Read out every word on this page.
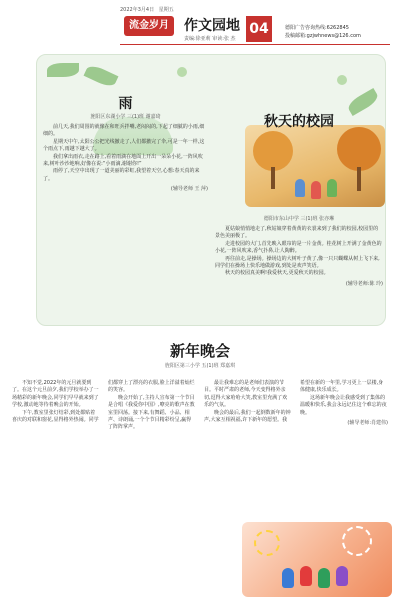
2022年3月4日 星期五
流金岁月	作文园地
责编:徐亚莉 审读:张 杰
04	德阳广告咨询热线:6262845
投稿邮箱:gzjwhnews@126.com
雨
旌阳区东湖小学 三(1)班 谢嘉琦

前几天,我们周围的就像在和旺兵拌嘴,老闷闷的,下起了细腻的小雨,细细的。

星期天中午,太阳公公把光线撤走了,人们都撤完了伞,可是一年一样,这个雨点下,雨越下越大了。

我们拿出雨衣,走在路上,看着雨滴在地面上开出一朵朵小花,一阵风吹来,树叶沙沙地响,好像在说:“小雨滴,谢谢你!”

雨停了,天空中出现了一道美丽的彩虹,我望着天空,心想:春天真的来了。

(辅导老师 王 萍)
秋天的校园
德阳市东山中学 三(1)班 张亦琳

夏姑娘悄悄地走了,秋姑娘穿着黄黄的衣裳来到了我们的校园,校园里的景色美丽极了。

走进校园的大门,首先映入眼帘的是一片金黄。桂花树上开满了金黄色的小花,一阵风吹来,香气扑鼻,让人陶醉。

再往前走,是操场。操场边的大树叶子黄了,像一只只蝴蝶从树上飞下来,同学们在操场上快乐地做游戏,到处是欢声笑语。

秋天的校园真美啊!我爱秋天,更爱秋天的校园。

(辅导老师:陈 玲)
新年晚会
旌阳区第三小学 五(1)班 郑嘉琪

不知不觉,2022年的元旦就要到了。在这个元旦前夕,我们学校举办了一场精彩的新年晚会,同学们早早就来到了学校,激动地等待着晚会的开始。

下午,教室里张灯结彩,到处都贴着喜庆的对联和窗花,显得格外热闹。同学们都穿上了漂亮的衣服,脸上洋溢着灿烂的笑容。

晚会开始了,主持人宣布第一个节目是合唱《我爱你中国》,嘹亮的歌声在教室里回荡。接下来,有舞蹈、小品、相声、诗朗诵,一个个节目精彩纷呈,赢得了阵阵掌声。

最让我难忘的是老师们表演的节目。平时严肃的老师,今天变得格外亲切,逗得大家哈哈大笑,教室里充满了欢乐的气氛。

晚会的最后,我们一起倒数新年的钟声,大家互相祝福,许下新年的愿望。我希望在新的一年里,学习更上一层楼,身体健康,快乐成长。

这场新年晚会让我感受到了集体的温暖和快乐,我会永远记住这个难忘的夜晚。

(辅导老师:肖建伟)
